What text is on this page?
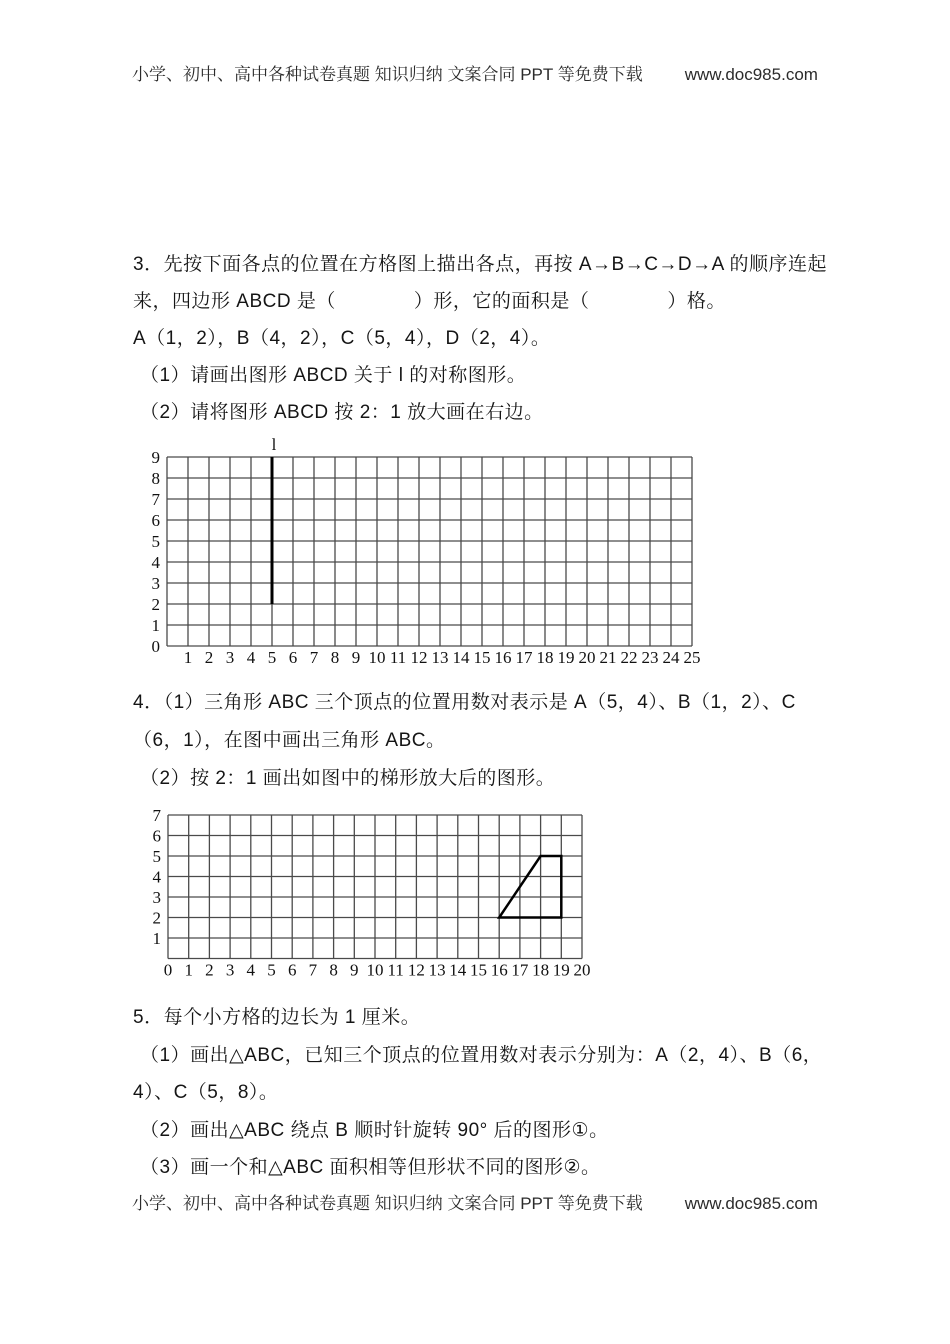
小学、初中、高中各种试卷真题 知识归纳 文案合同 PPT 等免费下载 www.doc985.com
3．先按下面各点的位置在方格图上描出各点，再按 A→B→C→D→A 的顺序连起
来，四边形 ABCD 是（　　　　）形，它的面积是（　　　　）格。
A（1，2），B（4，2），C（5，4），D（2，4）。
（1）请画出图形 ABCD 关于 l 的对称图形。
（2）请将图形 ABCD 按 2：1 放大画在右边。
1 2 3 4 5 6 7 8 9 10 11 12 13 14 15 16 17 18 19 20 21 22 23 24 25
9
8
7
6
5
4
3
2
1
0
l
4．（1）三角形 ABC 三个顶点的位置用数对表示是 A（5，4）、B（1，2）、C
（6，1），在图中画出三角形 ABC。
（2）按 2：1 画出如图中的梯形放大后的图形。
0 1 2 3 4 5 6 7 8 9 10 11 12 13 14 15 16 17 18 19 20
7
6
5
4
3
2
1
5．每个小方格的边长为 1 厘米。
（1）画出△ABC，已知三个顶点的位置用数对表示分别为：A（2，4）、B（6，
4）、C（5，8）。
（2）画出△ABC 绕点 B 顺时针旋转 90° 后的图形①。
（3）画一个和△ABC 面积相等但形状不同的图形②。
小学、初中、高中各种试卷真题 知识归纳 文案合同 PPT 等免费下载 www.doc985.com
